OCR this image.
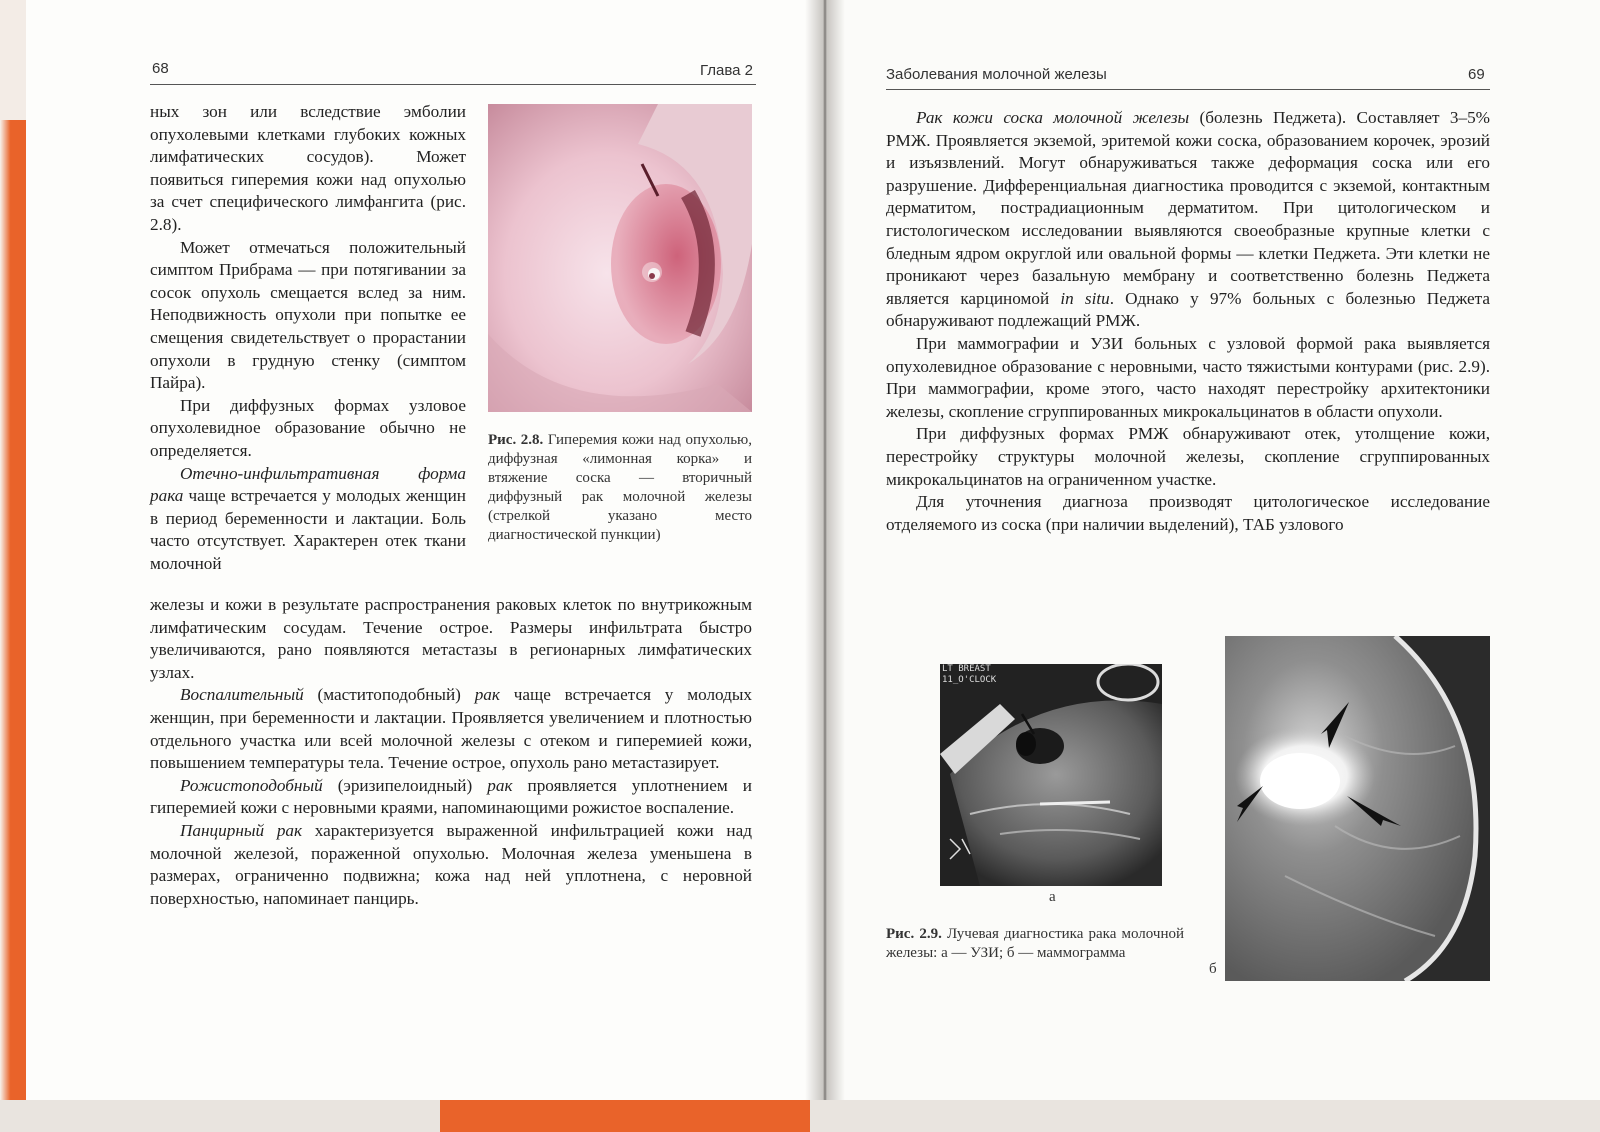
68	Глава 2

ных зон или вследствие эмболии опухолевыми клетками глубоких кожных лимфатических сосудов). Может появиться гиперемия кожи над опухолью за счет специфического лимфангита (рис. 2.8).

Может отмечаться положительный симптом Прибрама — при потягивании за сосок опухоль смещается вслед за ним. Неподвижность опухоли при попытке ее смещения свидетельствует о прорастании опухоли в грудную стенку (симптом Пайра).

При диффузных формах узловое опухолевидное образование обычно не определяется.

Отечно-инфильтративная форма рака чаще встречается у молодых женщин в период беременности и лактации. Боль часто отсутствует. Характерен отек ткани молочной

Рис. 2.8. Гиперемия кожи над опухолью, диффузная «лимонная корка» и втяжение соска — вторичный диффузный рак молочной железы (стрелкой указано место диагностической пункции)

железы и кожи в результате распространения раковых клеток по внутрикожным лимфатическим сосудам. Течение острое. Размеры инфильтрата быстро увеличиваются, рано появляются метастазы в регионарных лимфатических узлах.

Воспалительный (маститоподобный) рак чаще встречается у молодых женщин, при беременности и лактации. Проявляется увеличением и плотностью отдельного участка или всей молочной железы с отеком и гиперемией кожи, повышением температуры тела. Течение острое, опухоль рано метастазирует.

Рожистоподобный (эризипелоидный) рак проявляется уплотнением и гиперемией кожи с неровными краями, напоминающими рожистое воспаление.

Панцирный рак характеризуется выраженной инфильтрацией кожи над молочной железой, пораженной опухолью. Молочная железа уменьшена в размерах, ограниченно подвижна; кожа над ней уплотнена, с неровной поверхностью, напоминает панцирь.

Заболевания молочной железы	69

Рак кожи соска молочной железы (болезнь Педжета). Составляет 3–5% РМЖ. Проявляется экземой, эритемой кожи соска, образованием корочек, эрозий и изъязвлений. Могут обнаруживаться также деформация соска или его разрушение. Дифференциальная диагностика проводится с экземой, контактным дерматитом, пострадиационным дерматитом. При цитологическом и гистологическом исследовании выявляются своеобразные крупные клетки с бледным ядром округлой или овальной формы — клетки Педжета. Эти клетки не проникают через базальную мембрану и соответственно болезнь Педжета является карциномой in situ. Однако у 97% больных с болезнью Педжета обнаруживают подлежащий РМЖ.

При маммографии и УЗИ больных с узловой формой рака выявляется опухолевидное образование с неровными, часто тяжистыми контурами (рис. 2.9). При маммографии, кроме этого, часто находят перестройку архитектоники железы, скопление сгруппированных микрокальцинатов в области опухоли.

При диффузных формах РМЖ обнаруживают отек, утолщение кожи, перестройку структуры молочной железы, скопление сгруппированных микрокальцинатов на ограниченном участке.

Для уточнения диагноза производят цитологическое исследование отделяемого из соска (при наличии выделений), ТАБ узлового

LT BREAST
11_O'CLOCK
а
б
Рис. 2.9. Лучевая диагностика рака молочной железы: а — УЗИ; б — маммограмма
